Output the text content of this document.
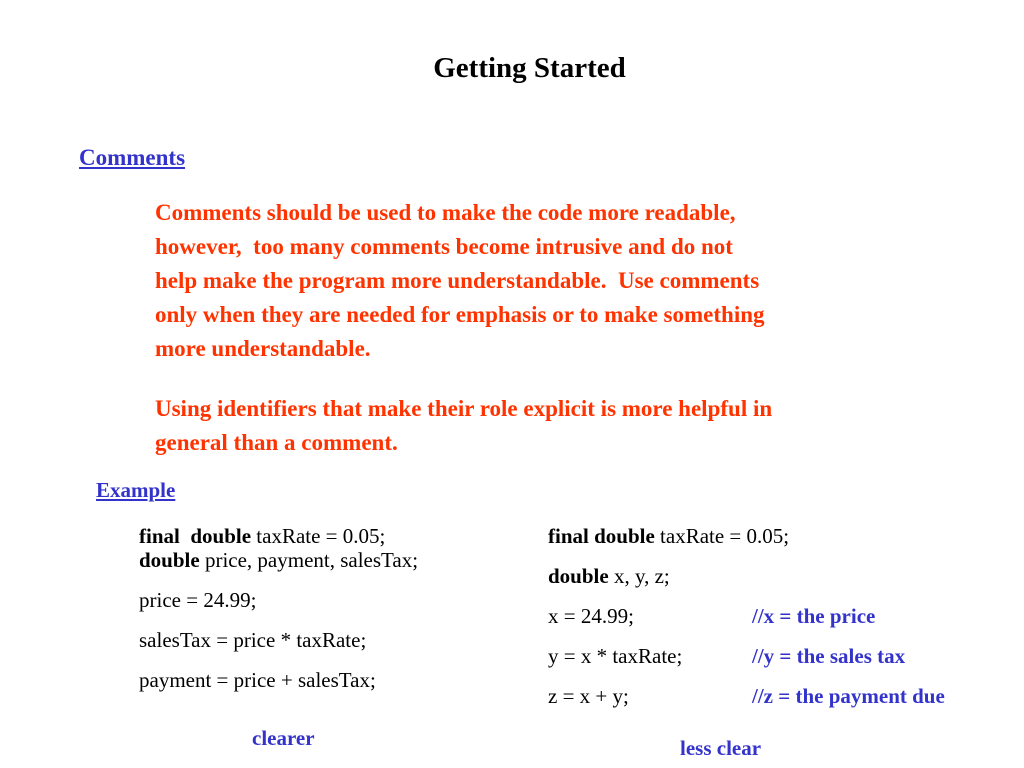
Getting Started
Comments
Comments should be used to make the code more readable,
however,  too many comments become intrusive and do not
help make the program more understandable.  Use comments
only when they are needed for emphasis or to make something
more understandable.
Using identifiers that make their role explicit is more helpful in
general than a comment.
Example
final double taxRate = 0.05;
double price, payment, salesTax;
price = 24.99;
salesTax = price * taxRate;
payment = price + salesTax;
clearer
final double taxRate = 0.05;
double x, y, z;
x = 24.99;	//x = the price
y = x * taxRate;	//y = the sales tax
z = x + y;	//z = the payment due
less clear
